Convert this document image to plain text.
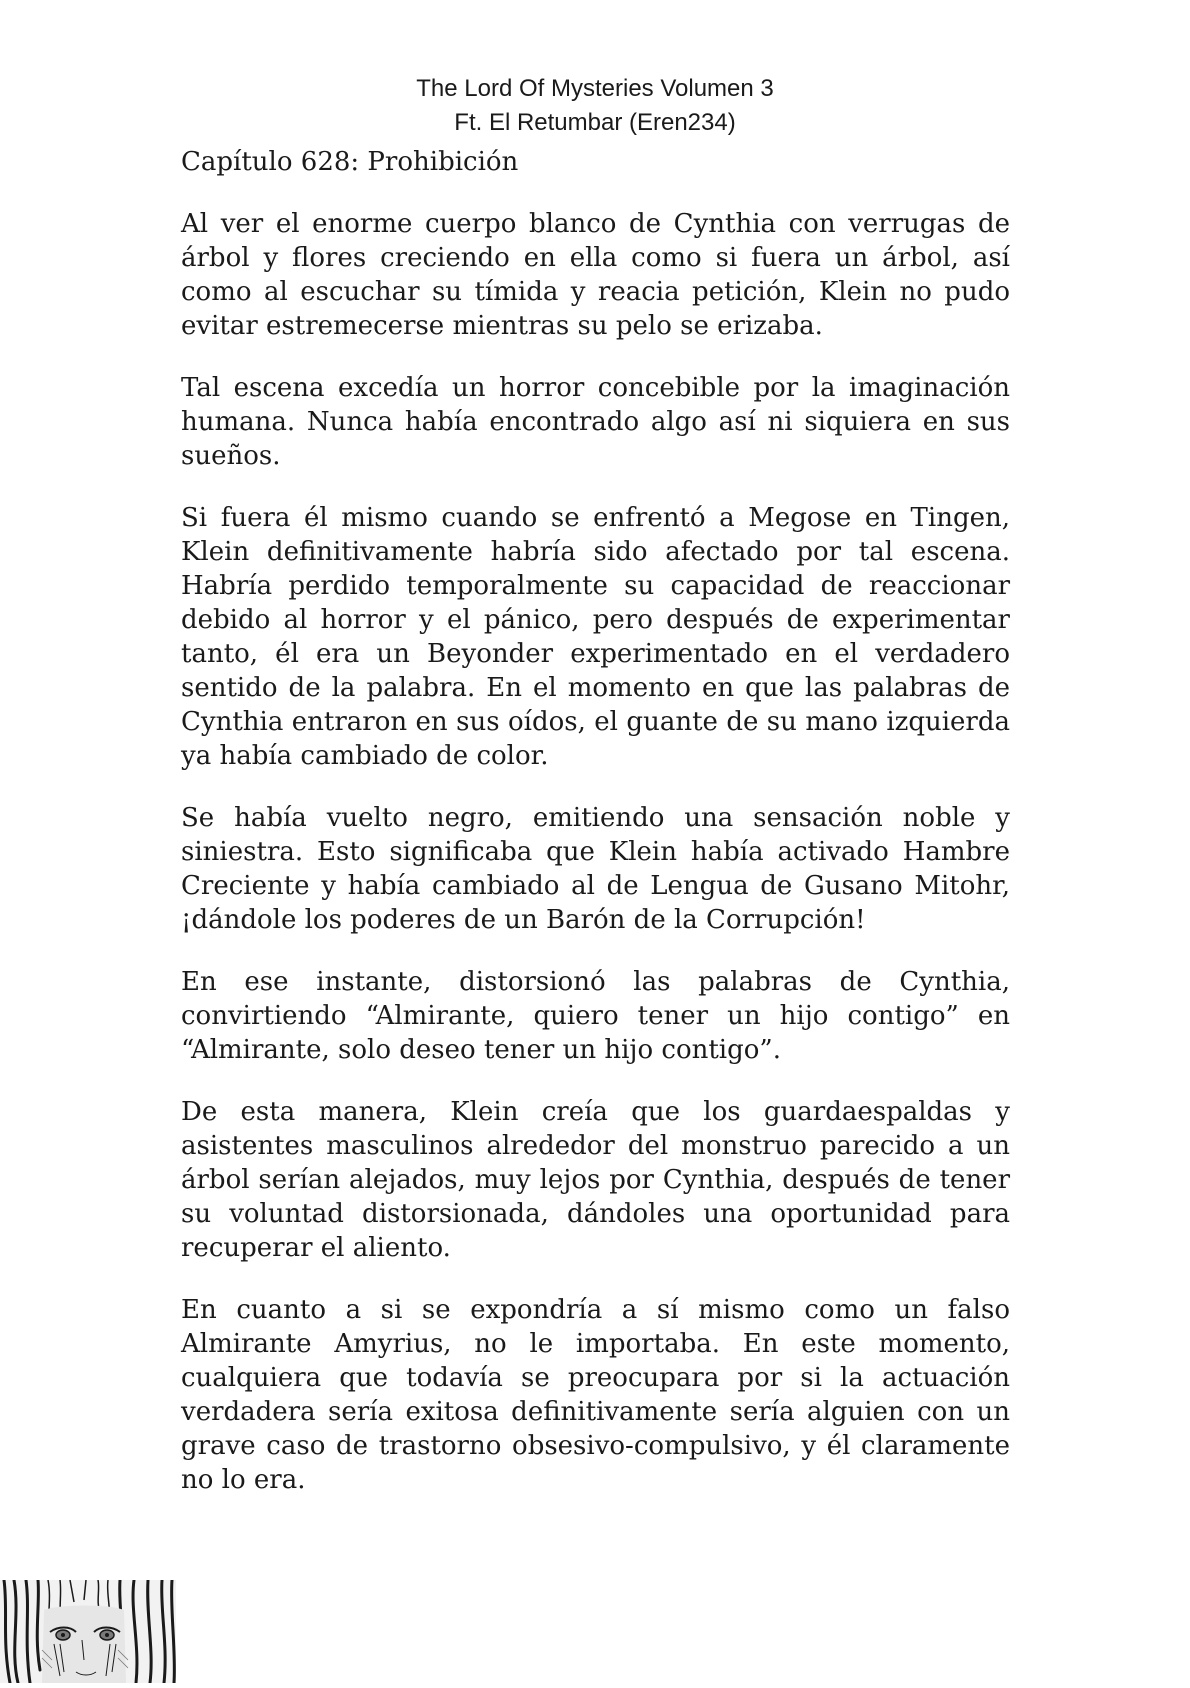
The Lord Of Mysteries Volumen 3
Ft. El Retumbar (Eren234)
Capítulo 628: Prohibición

Al ver el enorme cuerpo blanco de Cynthia con verrugas de árbol y flores creciendo en ella como si fuera un árbol, así como al escuchar su tímida y reacia petición, Klein no pudo evitar estremecerse mientras su pelo se erizaba.

Tal escena excedía un horror concebible por la imaginación humana. Nunca había encontrado algo así ni siquiera en sus sueños.

Si fuera él mismo cuando se enfrentó a Megose en Tingen, Klein definitivamente habría sido afectado por tal escena. Habría perdido temporalmente su capacidad de reaccionar debido al horror y el pánico, pero después de experimentar tanto, él era un Beyonder experimentado en el verdadero sentido de la palabra. En el momento en que las palabras de Cynthia entraron en sus oídos, el guante de su mano izquierda ya había cambiado de color.

Se había vuelto negro, emitiendo una sensación noble y siniestra. Esto significaba que Klein había activado Hambre Creciente y había cambiado al de Lengua de Gusano Mitohr, ¡dándole los poderes de un Barón de la Corrupción!

En ese instante, distorsionó las palabras de Cynthia, convirtiendo “Almirante, quiero tener un hijo contigo” en “Almirante, solo deseo tener un hijo contigo”.

De esta manera, Klein creía que los guardaespaldas y asistentes masculinos alrededor del monstruo parecido a un árbol serían alejados, muy lejos por Cynthia, después de tener su voluntad distorsionada, dándoles una oportunidad para recuperar el aliento.

En cuanto a si se expondría a sí mismo como un falso Almirante Amyrius, no le importaba. En este momento, cualquiera que todavía se preocupara por si la actuación verdadera sería exitosa definitivamente sería alguien con un grave caso de trastorno obsesivo-compulsivo, y él claramente no lo era.
